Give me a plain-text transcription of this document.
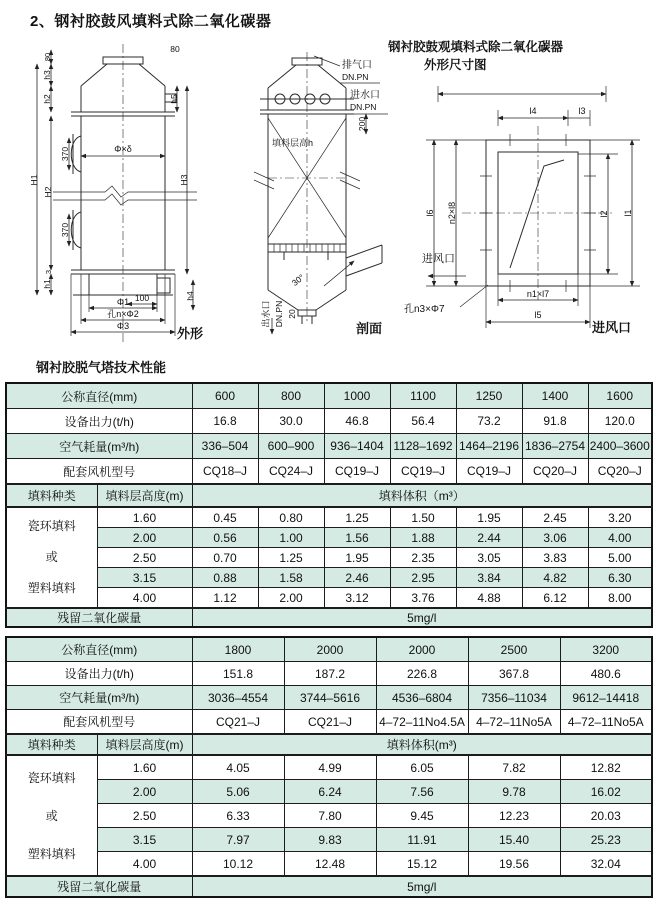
2、钢衬胶鼓风填料式除二氧化碳器
钢衬胶鼓观填料式除二氧化碳器
外形尺寸图
H1
H2
80
80
h3
h2
3
h1
370
370
h5
H3
h4
100
Φ×δ
Φ1
孔n×Φ2
Φ3	外形
排气口
DN.PN
进水口
DN.PN
200
填料层高h
进风口
30°
出水口 DN.PN 20
剖面
l4	l3
l6 n2×l8	l2 l1
n1×l7
l5
孔n3×Φ7
进风口
钢衬胶脱气塔技术性能
公称直径(mm)		600	800	1000	1100	1250	1400	1600
设备出力(t/h)		16.8	30.0	46.8	56.4	73.2	91.8	120.0
空气耗量(m³/h)		336–504	600–900	936–1404	1128–1692	1464–2196	1836–2754	2400–3600
配套风机型号		CQ18–J	CQ24–J	CQ19–J	CQ19–J	CQ19–J	CQ20–J	CQ20–J
填料种类	填料层高度(m)	填料体积（m³）						
瓷环填料
或
塑料填料	1.60	0.45	0.80	1.25	1.50	1.95	2.45	3.20
	2.00	0.56	1.00	1.56	1.88	2.44	3.06	4.00
	2.50	0.70	1.25	1.95	2.35	3.05	3.83	5.00
	3.15	0.88	1.58	2.46	2.95	3.84	4.82	6.30
	4.00	1.12	2.00	3.12	3.76	4.88	6.12	8.00
残留二氧化碳量		5mg/l						
公称直径(mm)		1800	2000	2000	2500	3200
设备出力(t/h)		151.8	187.2	226.8	367.8	480.6
空气耗量(m³/h)		3036–4554	3744–5616	4536–6804	7356–11034	9612–14418
配套风机型号		CQ21–J	CQ21–J	4–72–11No4.5A	4–72–11No5A	4–72–11No5A
填料种类	填料层高度(m)	填料体积(m³)				
瓷环填料
或
塑料填料	1.60	4.05	4.99	6.05	7.82	12.82
	2.00	5.06	6.24	7.56	9.78	16.02
	2.50	6.33	7.80	9.45	12.23	20.03
	3.15	7.97	9.83	11.91	15.40	25.23
	4.00	10.12	12.48	15.12	19.56	32.04
残留二氧化碳量		5mg/l				
